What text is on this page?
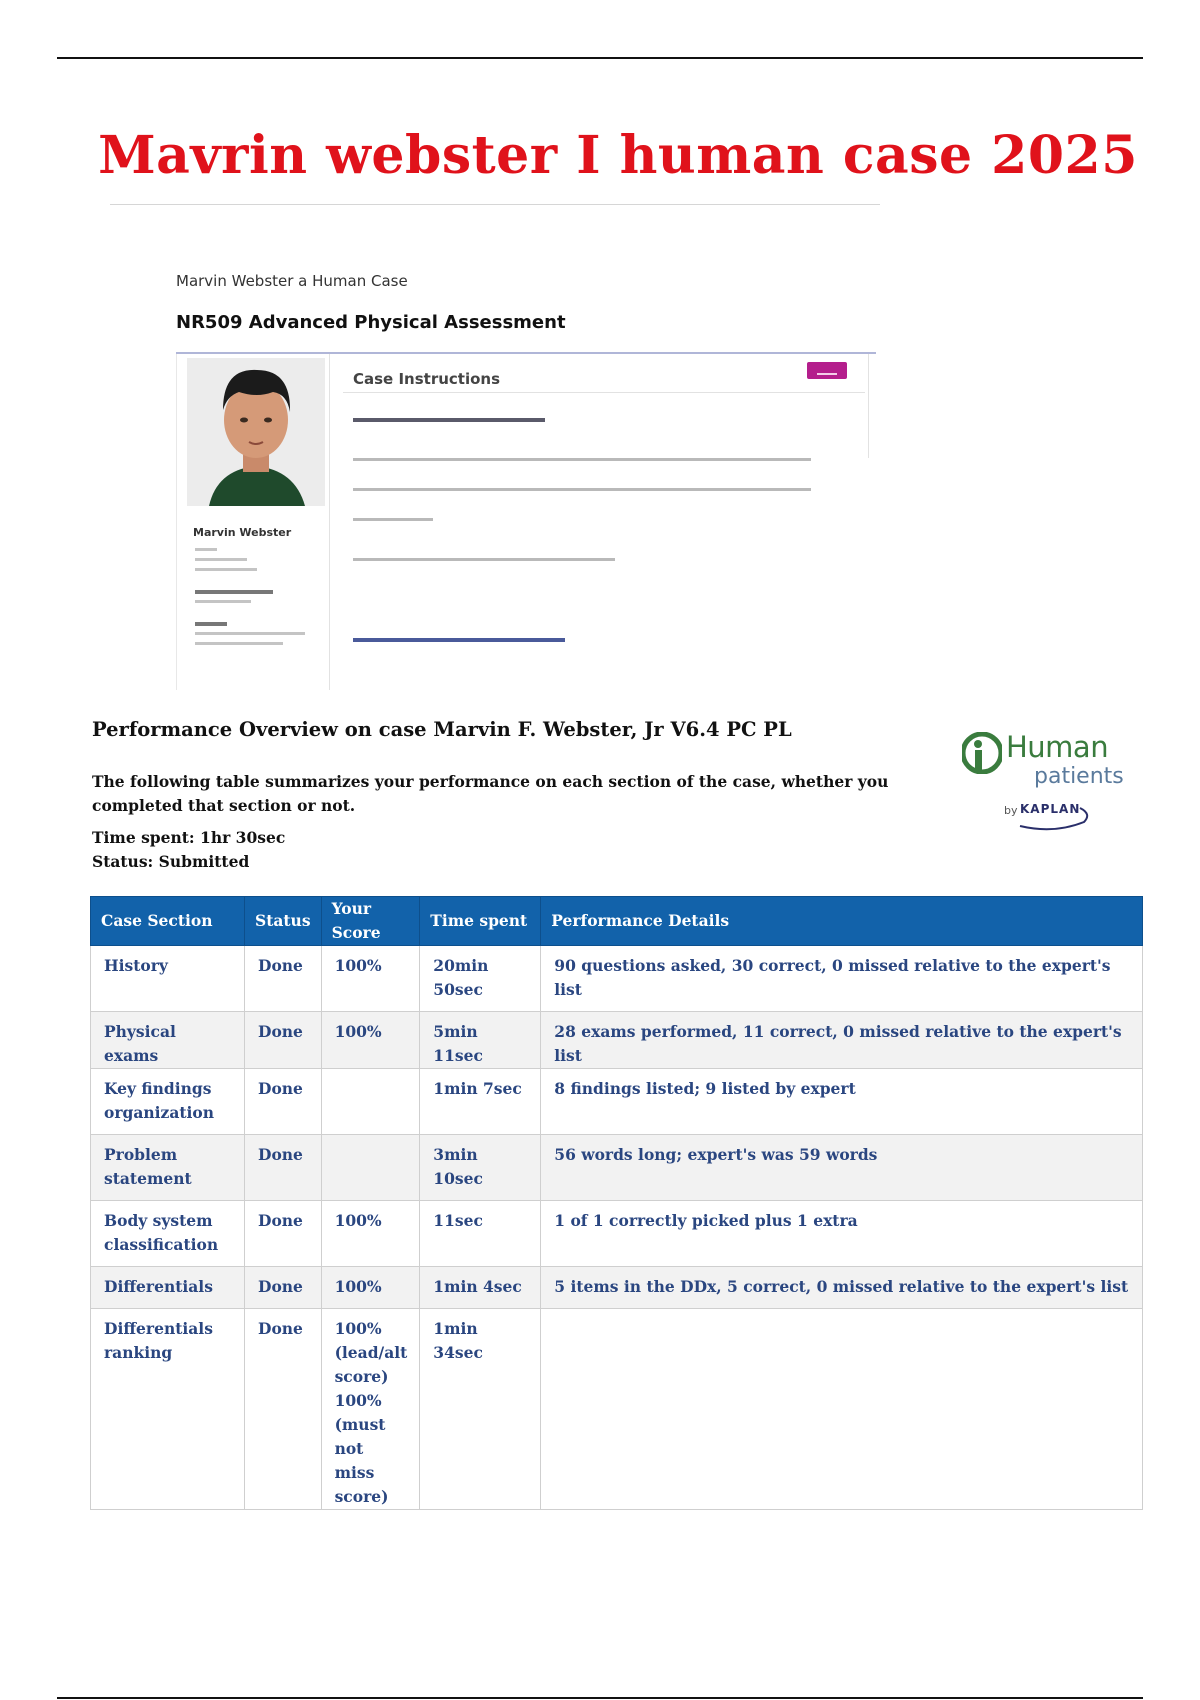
Mavrin webster I human case 2025
Marvin Webster a Human Case
NR509 Advanced Physical Assessment
Marvin Webster
Case Instructions
Performance Overview on case Marvin F. Webster, Jr V6.4 PC PL
The following table summarizes your performance on each section of the case, whether you completed that section or not.
Time spent: 1hr 30sec
Status: Submitted
Human
patients
by KAPLAN
Case Section	Status	Your Score	Time spent	Performance Details
History	Done	100%	20min 50sec	90 questions asked, 30 correct, 0 missed relative to the expert's list
Physical exams	Done	100%	5min 11sec	28 exams performed, 11 correct, 0 missed relative to the expert's list
Key findings organization	Done		1min 7sec	8 findings listed; 9 listed by expert
Problem statement	Done		3min 10sec	56 words long; expert's was 59 words
Body system classification	Done	100%	11sec	1 of 1 correctly picked plus 1 extra
Differentials	Done	100%	1min 4sec	5 items in the DDx, 5 correct, 0 missed relative to the expert's list
Differentials ranking	Done	100% (lead/alt score) 100% (must not miss score)	1min 34sec	
